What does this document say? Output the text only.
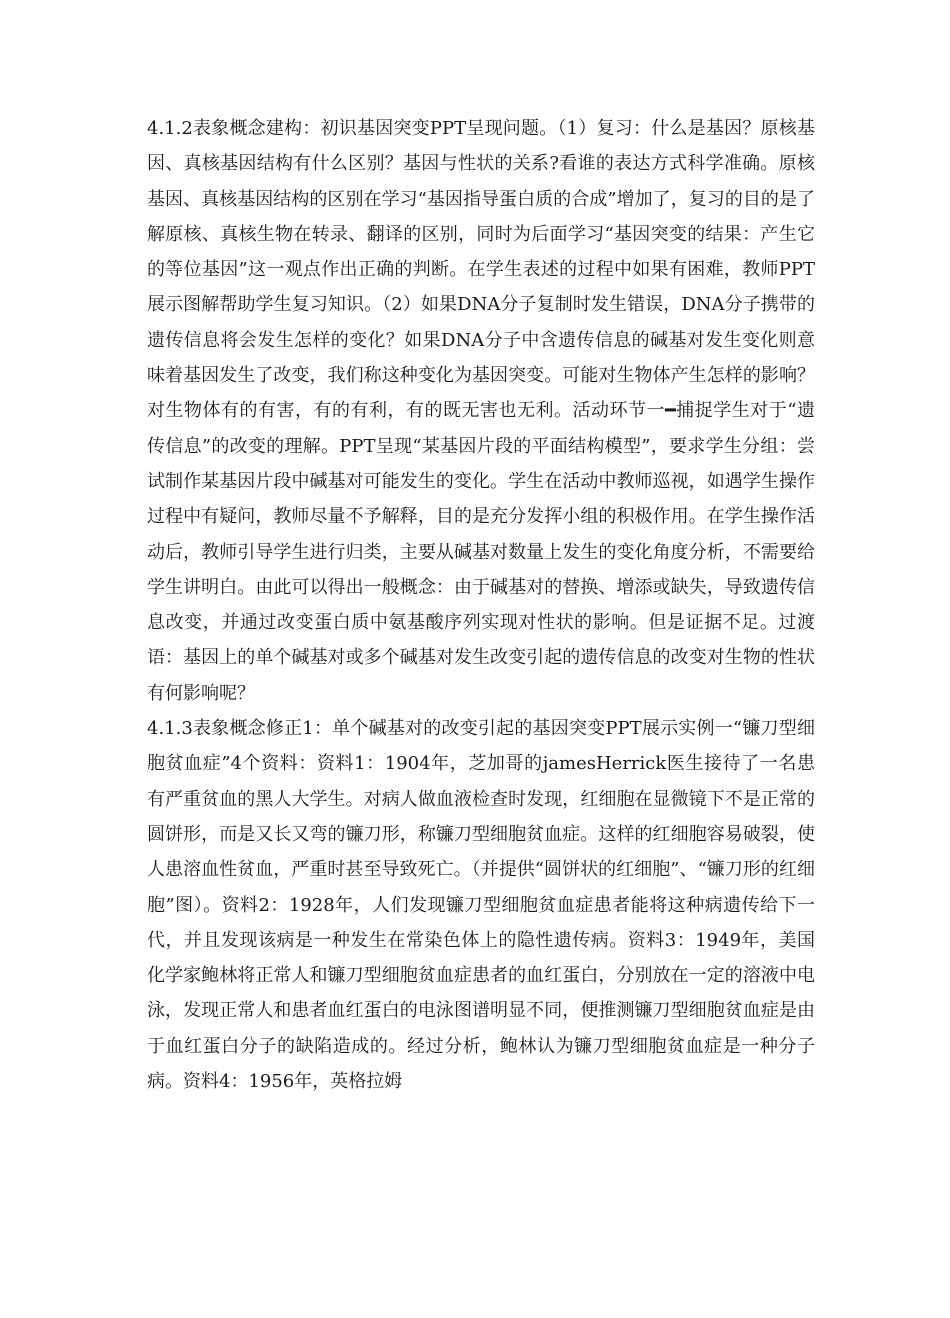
4.1.2表象概念建构：初识基因突变PPT呈现问题。（1）复习：什么是基因？原核基因、真核基因结构有什么区别？基因与性状的关系?看谁的表达方式科学准确。原核基因、真核基因结构的区别在学习“基因指导蛋白质的合成”增加了，复习的目的是了解原核、真核生物在转录、翻译的区别，同时为后面学习“基因突变的结果：产生它的等位基因”这一观点作出正确的判断。在学生表述的过程中如果有困难，教师PPT展示图解帮助学生复习知识。（2）如果DNA分子复制时发生错误，DNA分子携带的遗传信息将会发生怎样的变化？如果DNA分子中含遗传信息的碱基对发生变化则意味着基因发生了改变，我们称这种变化为基因突变。可能对生物体产生怎样的影响？对生物体有的有害，有的有利，有的既无害也无利。活动环节一━捕捉学生对于“遗传信息”的改变的理解。PPT呈现“某基因片段的平面结构模型”，要求学生分组：尝试制作某基因片段中碱基对可能发生的变化。学生在活动中教师巡视，如遇学生操作过程中有疑问，教师尽量不予解释，目的是充分发挥小组的积极作用。在学生操作活动后，教师引导学生进行归类，主要从碱基对数量上发生的变化角度分析，不需要给学生讲明白。由此可以得出一般概念：由于碱基对的替换、增添或缺失，导致遗传信息改变，并通过改变蛋白质中氨基酸序列实现对性状的影响。但是证据不足。过渡语：基因上的单个碱基对或多个碱基对发生改变引起的遗传信息的改变对生物的性状有何影响呢？

4.1.3表象概念修正1：单个碱基对的改变引起的基因突变PPT展示实例一“镰刀型细胞贫血症”4个资料：资料1：1904年，芝加哥的jamesHerrick医生接待了一名患有严重贫血的黑人大学生。对病人做血液检查时发现，红细胞在显微镜下不是正常的圆饼形，而是又长又弯的镰刀形，称镰刀型细胞贫血症。这样的红细胞容易破裂，使人患溶血性贫血，严重时甚至导致死亡。（并提供“圆饼状的红细胞”、“镰刀形的红细胞”图）。资料2：1928年，人们发现镰刀型细胞贫血症患者能将这种病遗传给下一代，并且发现该病是一种发生在常染色体上的隐性遗传病。资料3：1949年，美国化学家鲍林将正常人和镰刀型细胞贫血症患者的血红蛋白，分别放在一定的溶液中电泳，发现正常人和患者血红蛋白的电泳图谱明显不同，便推测镰刀型细胞贫血症是由于血红蛋白分子的缺陷造成的。经过分析，鲍林认为镰刀型细胞贫血症是一种分子病。资料4：1956年，英格拉姆
